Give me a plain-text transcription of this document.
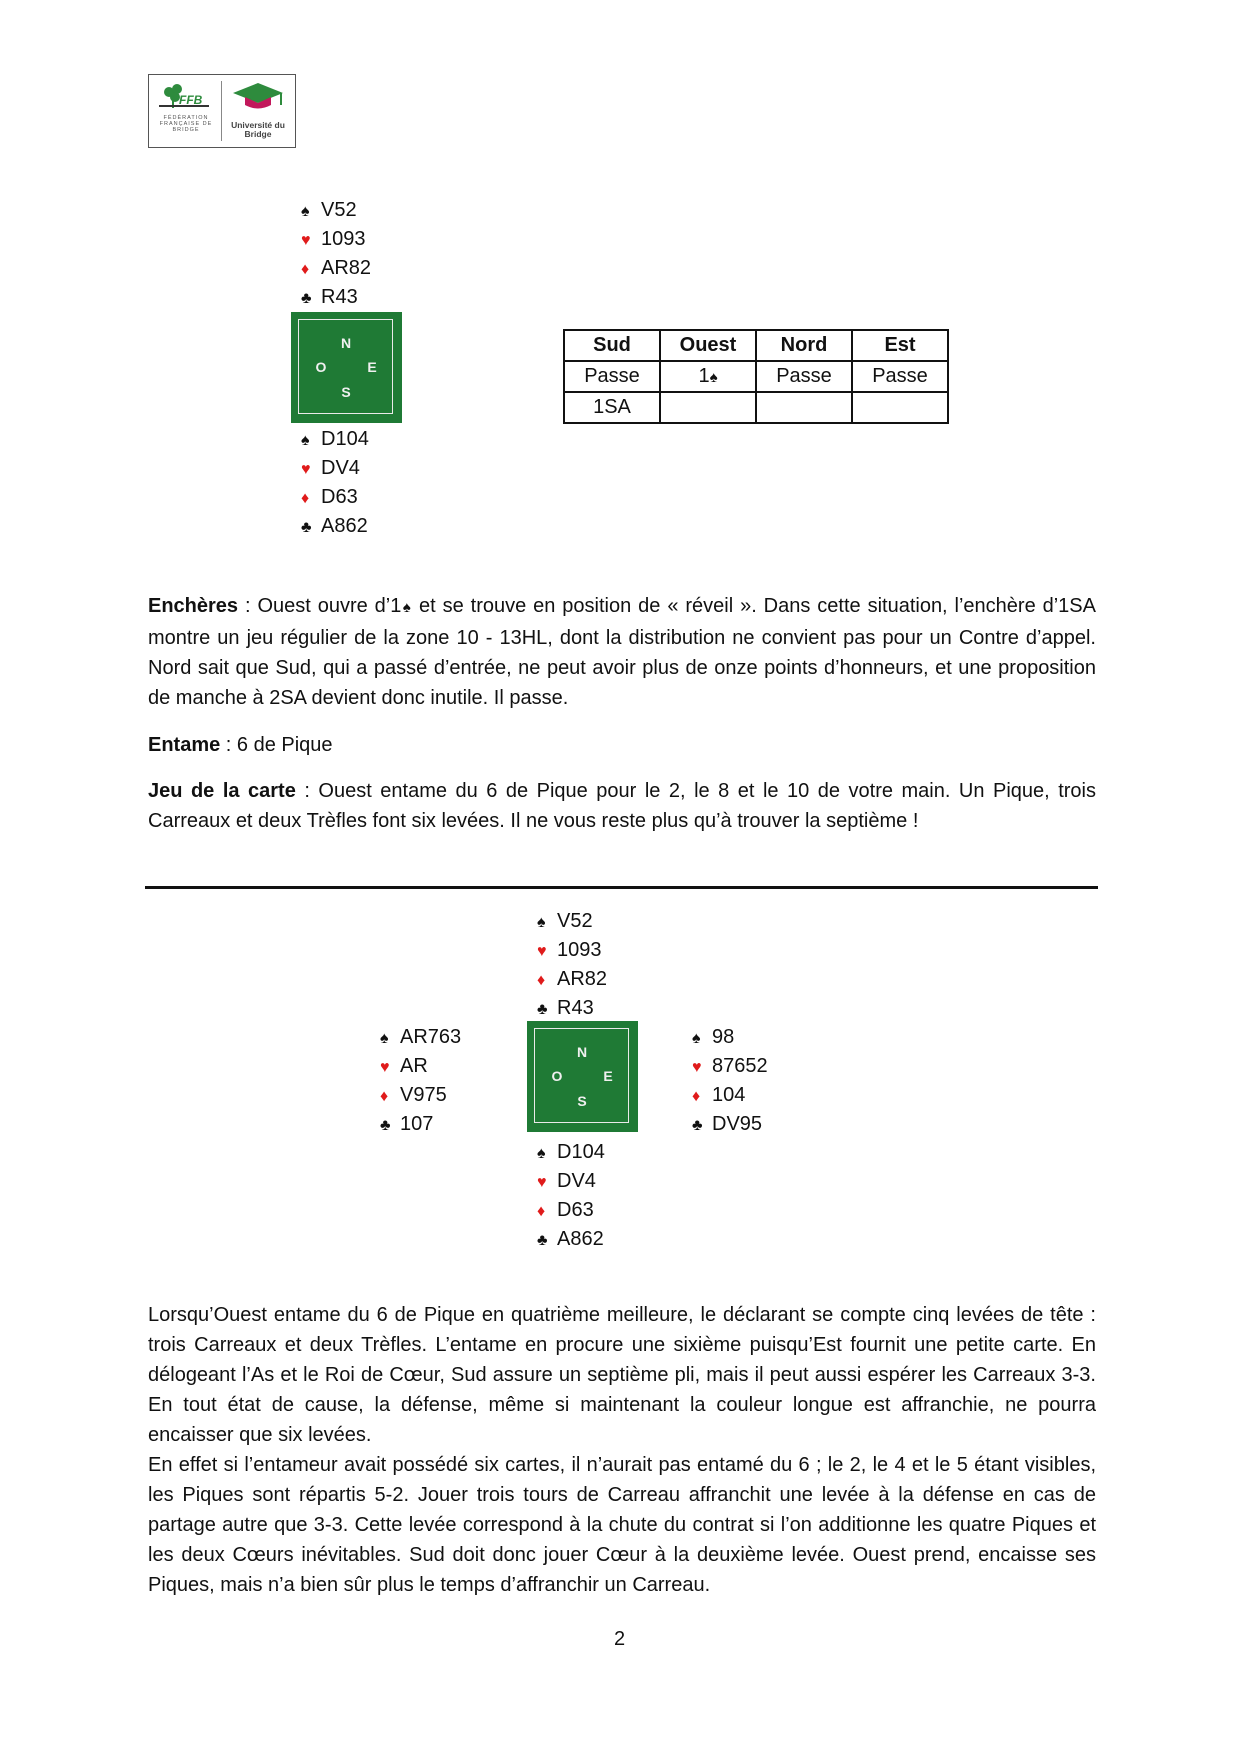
FFB
FÉDÉRATION FRANÇAISE DE BRIDGE	Université du Bridge
♠ V52
♥ 1093
♦ AR82
♣ R43
N
S
O	E
♠ D104
♥ DV4
♦ D63
♣ A862
Sud	Ouest	Nord	Est
Passe	1♠	Passe	Passe
1SA			
Enchères : Ouest ouvre d’1♠ et se trouve en position de « réveil ». Dans cette situation, l’enchère d’1SA montre un jeu régulier de la zone 10 - 13HL, dont la distribution ne convient pas pour un Contre d’appel. Nord sait que Sud, qui a passé d’entrée, ne peut avoir plus de onze points d’honneurs, et une proposition de manche à 2SA devient donc inutile. Il passe.
Entame : 6 de Pique
Jeu de la carte : Ouest entame du 6 de Pique pour le 2, le 8 et le 10 de votre main. Un Pique, trois Carreaux et deux Trèfles font six levées. Il ne vous reste plus qu’à trouver la septième !
♠ V52
♥ 1093
♦ AR82
♣ R43
♠ AR763
♥ AR
♦ V975
♣ 107
N
S
O	E
♠ 98
♥ 87652
♦ 104
♣ DV95
♠ D104
♥ DV4
♦ D63
♣ A862
Lorsqu’Ouest entame du 6 de Pique en quatrième meilleure, le déclarant se compte cinq levées de tête : trois Carreaux et deux Trèfles. L’entame en procure une sixième puisqu’Est fournit une petite carte. En délogeant l’As et le Roi de Cœur, Sud assure un septième pli, mais il peut aussi espérer les Carreaux 3-3. En tout état de cause, la défense, même si maintenant la couleur longue est affranchie, ne pourra encaisser que six levées.
En effet si l’entameur avait possédé six cartes, il n’aurait pas entamé du 6 ; le 2, le 4 et le 5 étant visibles, les Piques sont répartis 5-2. Jouer trois tours de Carreau affranchit une levée à la défense en cas de partage autre que 3-3. Cette levée correspond à la chute du contrat si l’on additionne les quatre Piques et les deux Cœurs inévitables. Sud doit donc jouer Cœur à la deuxième levée. Ouest prend, encaisse ses Piques, mais n’a bien sûr plus le temps d’affranchir un Carreau.
2
